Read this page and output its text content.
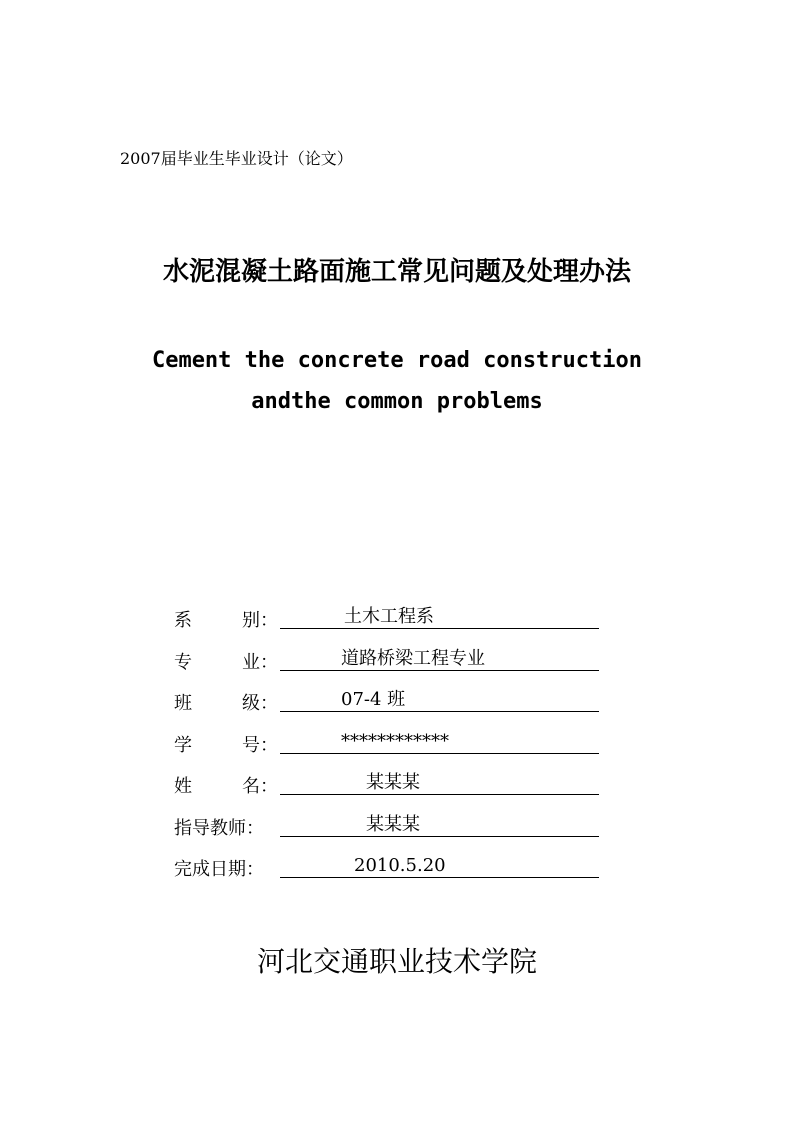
2007届毕业生毕业设计（论文）
水泥混凝土路面施工常见问题及处理办法
Cement the concrete road construction
andthe common problems
系	别：	土木工程系
专	业：	道路桥梁工程专业
班	级：	07-4 班
学	号：	************
姓	名：	某某某
指导教师：	某某某
完成日期：	2010.5.20
河北交通职业技术学院
